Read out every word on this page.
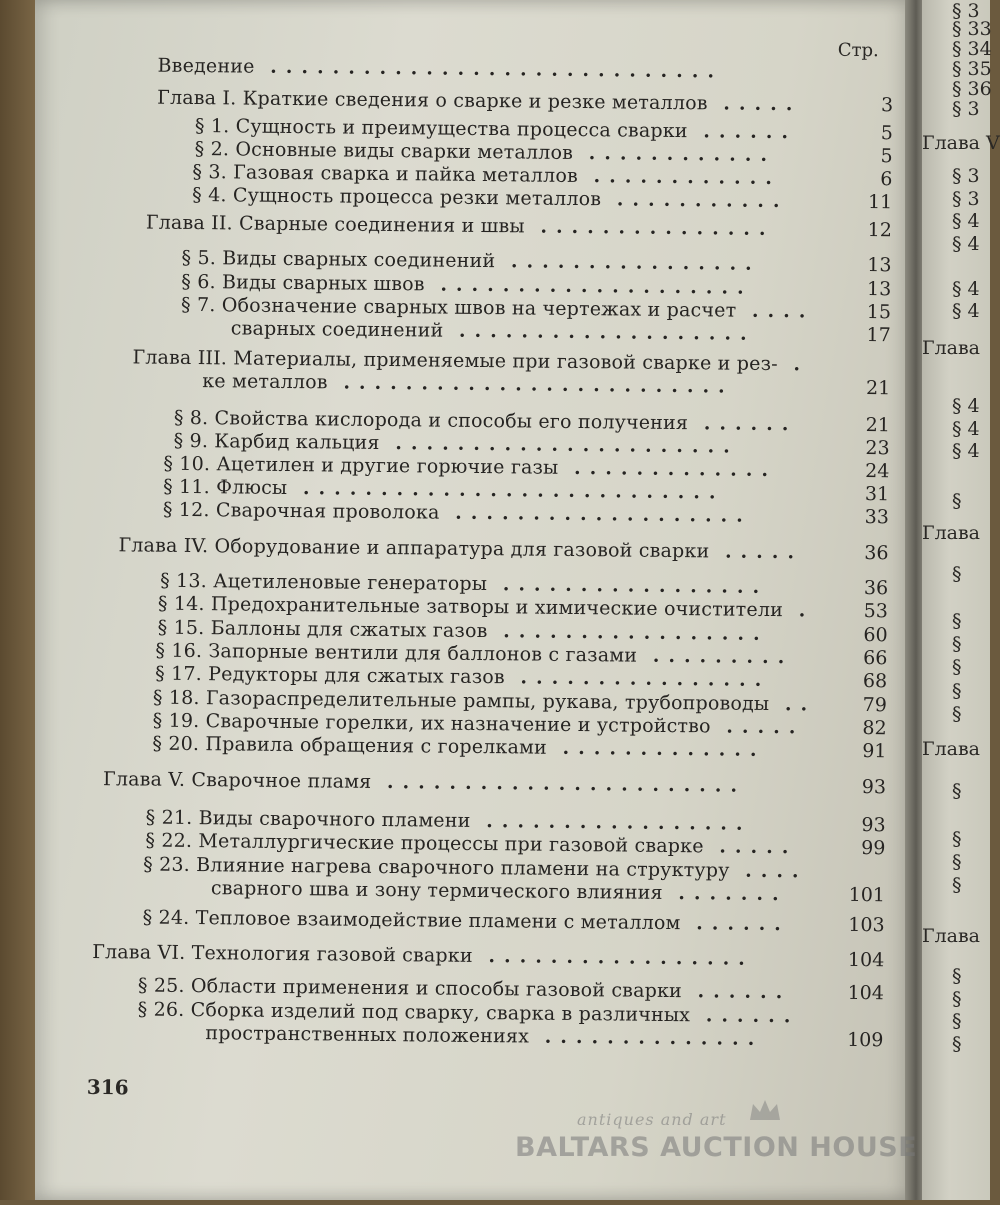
Стр.
Введение .............................
Глава I. Краткие сведения о сварке и резке металлов .....	3
§ 1. Сущность и преимущества процесса сварки ......	5
§ 2. Основные виды сварки металлов ............	5
§ 3. Газовая сварка и пайка металлов ............	6
§ 4. Сущность процесса резки металлов ...........	11
Глава II. Сварные соединения и швы ...............	12
§ 5. Виды сварных соединений ................	13
§ 6. Виды сварных швов ....................	13
§ 7. Обозначение сварных швов на чертежах и расчет ....	15
сварных соединений ...................	17
Глава III. Материалы, применяемые при газовой сварке и рез- .
ке металлов .........................	21
§ 8. Свойства кислорода и способы его получения ......	21
§ 9. Карбид кальция ......................	23
§ 10. Ацетилен и другие горючие газы .............	24
§ 11. Флюсы ...........................	31
§ 12. Сварочная проволока ...................	33
Глава IV. Оборудование и аппаратура для газовой сварки .....	36
§ 13. Ацетиленовые генераторы .................	36
§ 14. Предохранительные затворы и химические очистители .	53
§ 15. Баллоны для сжатых газов .................	60
§ 16. Запорные вентили для баллонов с газами .........	66
§ 17. Редукторы для сжатых газов ................	68
§ 18. Газораспределительные рампы, рукава, трубопроводы ..	79
§ 19. Сварочные горелки, их назначение и устройство .....	82
§ 20. Правила обращения с горелками .............	91
Глава V. Сварочное пламя .......................	93
§ 21. Виды сварочного пламени .................	93
§ 22. Металлургические процессы при газовой сварке .....	99
§ 23. Влияние нагрева сварочного пламени на структуру ....
сварного шва и зону термического влияния .......	101
§ 24. Тепловое взаимодействие пламени с металлом ......	103
Глава VI. Технология газовой сварки .................	104
§ 25. Области применения и способы газовой сварки ......	104
§ 26. Сборка изделий под сварку, сварка в различных ......
пространственных положениях ..............	109
316
§ 3
§ 33
§ 34
§ 35
§ 36
§ 3
Глава V
§ 3
§ 3
§ 4
§ 4
§ 4
§ 4
Глава
§ 4
§ 4
§ 4
§
Глава
§
§
§
§
§
§
Глава
§
§
§
§
Глава
§
§
§
§
antiques and art
BALTARS AUCTION HOUSE
